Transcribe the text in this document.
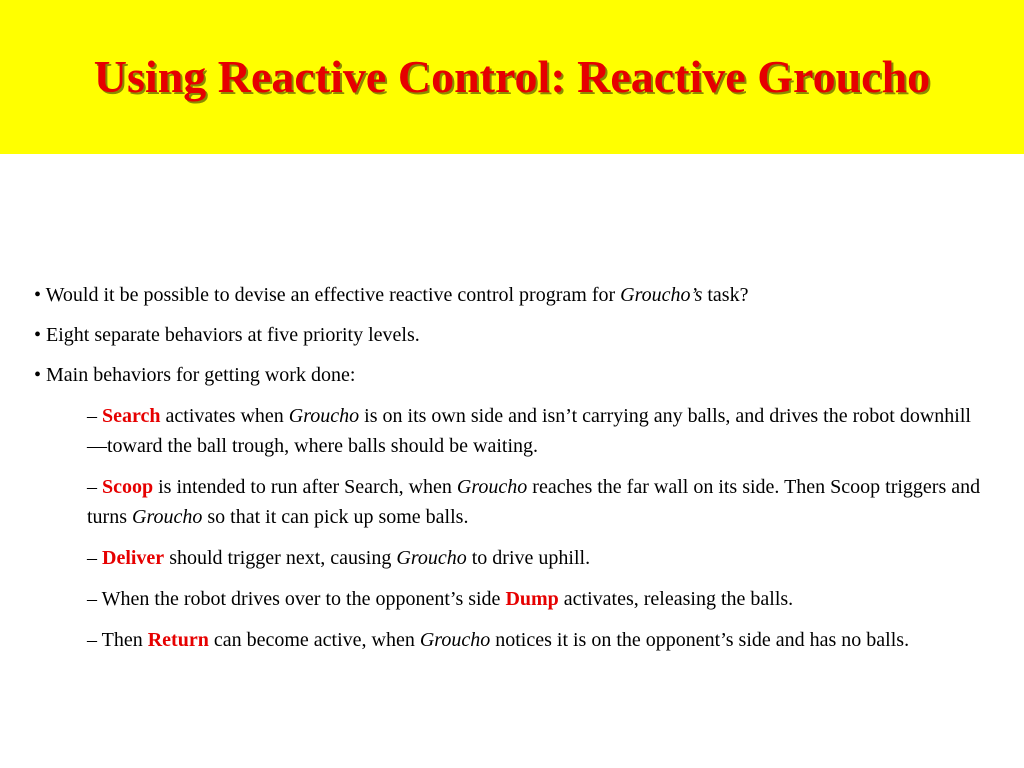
Using Reactive Control: Reactive Groucho

• Would it be possible to devise an effective reactive control program for Groucho’s task?

• Eight separate behaviors at five priority levels.

• Main behaviors for getting work done:

– Search activates when Groucho is on its own side and isn’t carrying any balls, and drives the robot downhill—toward the ball trough, where balls should be waiting.

– Scoop is intended to run after Search, when Groucho reaches the far wall on its side. Then Scoop triggers and turns Groucho so that it can pick up some balls.

– Deliver should trigger next, causing Groucho to drive uphill.

– When the robot drives over to the opponent’s side Dump activates, releasing the balls.

– Then Return can become active, when Groucho notices it is on the opponent’s side and has no balls.
